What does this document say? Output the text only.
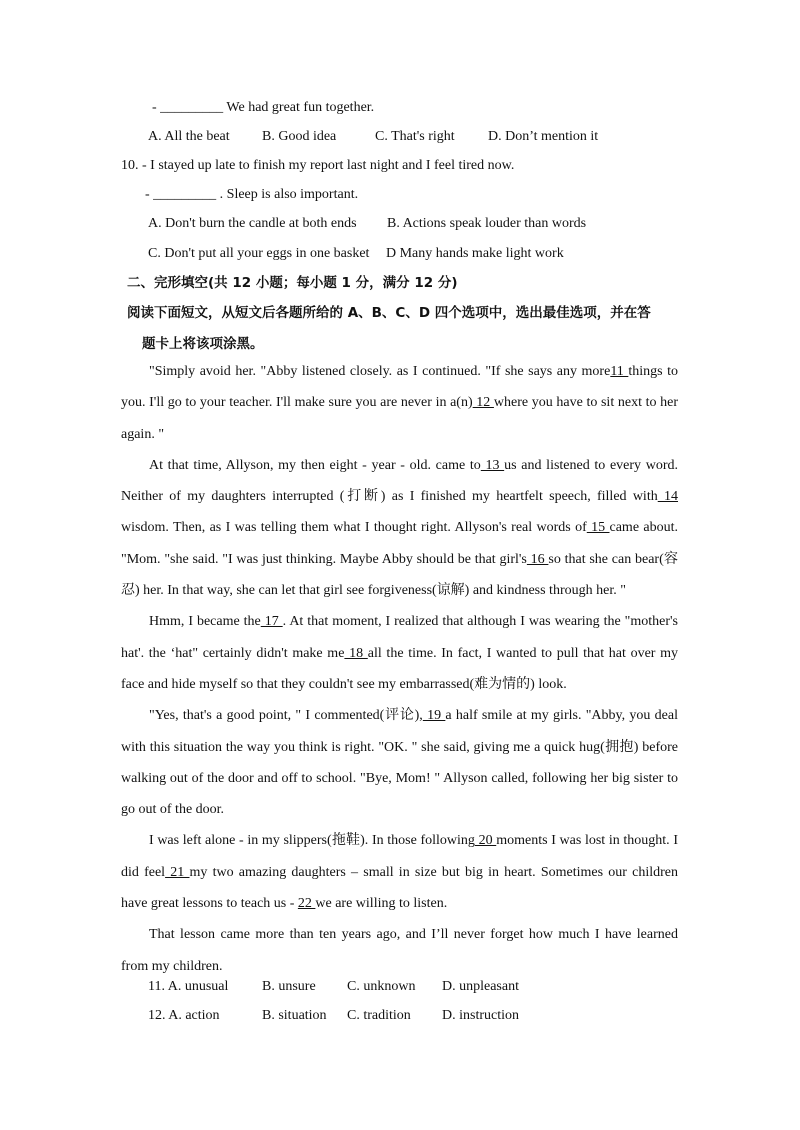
- _________ We had great fun together.
A. All the beat B. Good idea	C. That's right D. Don’t mention it
10. - I stayed up late to finish my report last night and I feel tired now.
- _________ . Sleep is also important.
A. Don't burn the candle at both ends B. Actions speak louder than words
C. Don't put all your eggs in one basket D Many hands make light work
二、完形填空(共 12 小题；每小题 1 分，满分 12 分)
阅读下面短文，从短文后各题所给的 A、B、C、D 四个选项中，选出最佳选项，并在答
题卡上将该项涂黑。

"Simply avoid her. "Abby listened closely. as I continued. "If she says any more11 things to you. I'll go to your teacher. I'll make sure you are never in a(n) 12 where you have to sit next to her again. "

At that time, Allyson, my then eight - year - old. came to 13 us and listened to every word. Neither of my daughters interrupted (打断) as I finished my heartfelt speech, filled with 14 wisdom. Then, as I was telling them what I thought right. Allyson's real words of 15 came about. "Mom. "she said. "I was just thinking. Maybe Abby should be that girl's 16 so that she can bear(容忍) her. In that way, she can let that girl see forgiveness(谅解) and kindness through her. "

Hmm, I became the 17 . At that moment, I realized that although I was wearing the "mother's hat'. the ‘hat" certainly didn't make me 18 all the time. In fact, I wanted to pull that hat over my face and hide myself so that they couldn't see my embarrassed(难为情的) look.

"Yes, that's a good point, " I commented(评论), 19 a half smile at my girls. "Abby, you deal with this situation the way you think is right. "OK. " she said, giving me a quick hug(拥抱) before walking out of the door and off to school. "Bye, Mom! " Allyson called, following her big sister to go out of the door.

I was left alone - in my slippers(拖鞋). In those following 20 moments I was lost in thought. I did feel 21 my two amazing daughters – small in size but big in heart. Sometimes our children have great lessons to teach us - 22 we are willing to listen.

That lesson came more than ten years ago, and I’ll never forget how much I have learned from my children.

11. A. unusual B. unsure C. unknown D. unpleasant
12. A. action	B. situation C. tradition D. instruction
